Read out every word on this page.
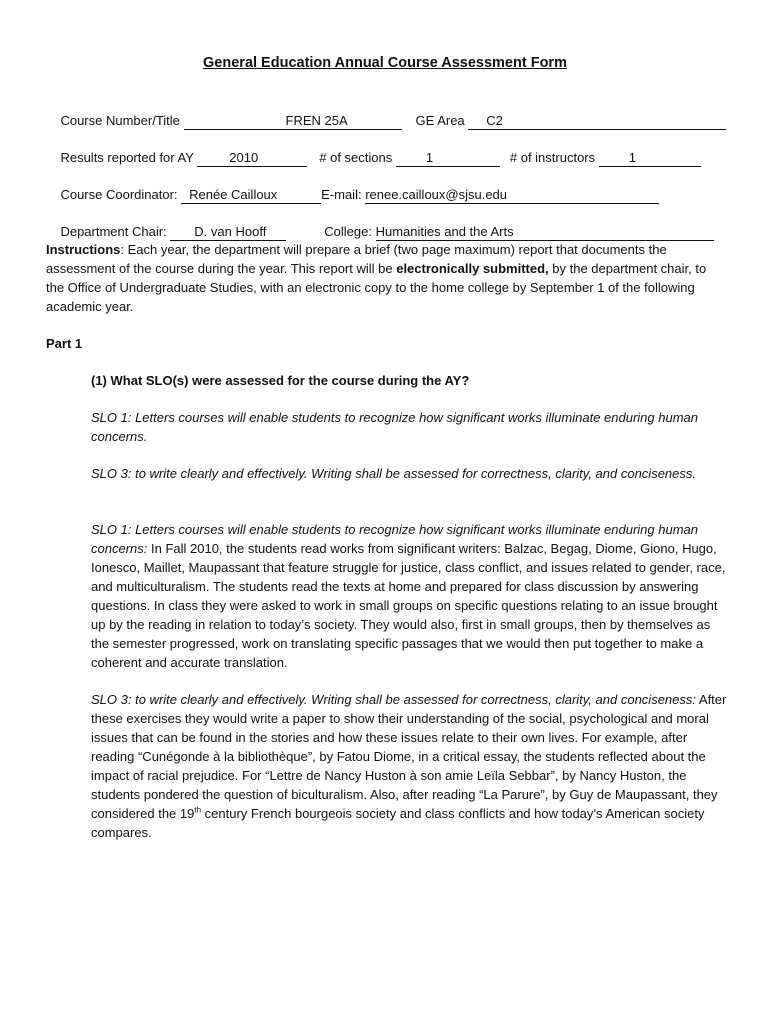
General Education Annual Course Assessment Form

Course Number/Title	FREN 25A	GE Area C2

Results reported for AY 2010	# of sections 1	# of instructors 1

Course Coordinator: Renée Cailloux	E-mail: renee.cailloux@sjsu.edu

Department Chair: D. van Hooff	College: Humanities and the Arts

Instructions: Each year, the department will prepare a brief (two page maximum) report that documents the assessment of the course during the year. This report will be electronically submitted, by the department chair, to the Office of Undergraduate Studies, with an electronic copy to the home college by September 1 of the following academic year.

Part 1
(1) What SLO(s) were assessed for the course during the AY?
SLO 1: Letters courses will enable students to recognize how significant works illuminate enduring human concerns.
SLO 3: to write clearly and effectively. Writing shall be assessed for correctness, clarity, and conciseness.

SLO 1: Letters courses will enable students to recognize how significant works illuminate enduring human concerns: In Fall 2010, the students read works from significant writers: Balzac, Begag, Diome, Giono, Hugo, Ionesco, Maillet, Maupassant that feature struggle for justice, class conflict, and issues related to gender, race, and multiculturalism. The students read the texts at home and prepared for class discussion by answering questions. In class they were asked to work in small groups on specific questions relating to an issue brought up by the reading in relation to today’s society. They would also, first in small groups, then by themselves as the semester progressed, work on translating specific passages that we would then put together to make a coherent and accurate translation.

SLO 3: to write clearly and effectively. Writing shall be assessed for correctness, clarity, and conciseness: After these exercises they would write a paper to show their understanding of the social, psychological and moral issues that can be found in the stories and how these issues relate to their own lives. For example, after reading “Cunégonde à la bibliothèque”, by Fatou Diome, in a critical essay, the students reflected about the impact of racial prejudice. For “Lettre de Nancy Huston à son amie Leïla Sebbar”, by Nancy Huston, the students pondered the question of biculturalism. Also, after reading “La Parure”, by Guy de Maupassant, they considered the 19th century French bourgeois society and class conflicts and how today’s American society compares.
